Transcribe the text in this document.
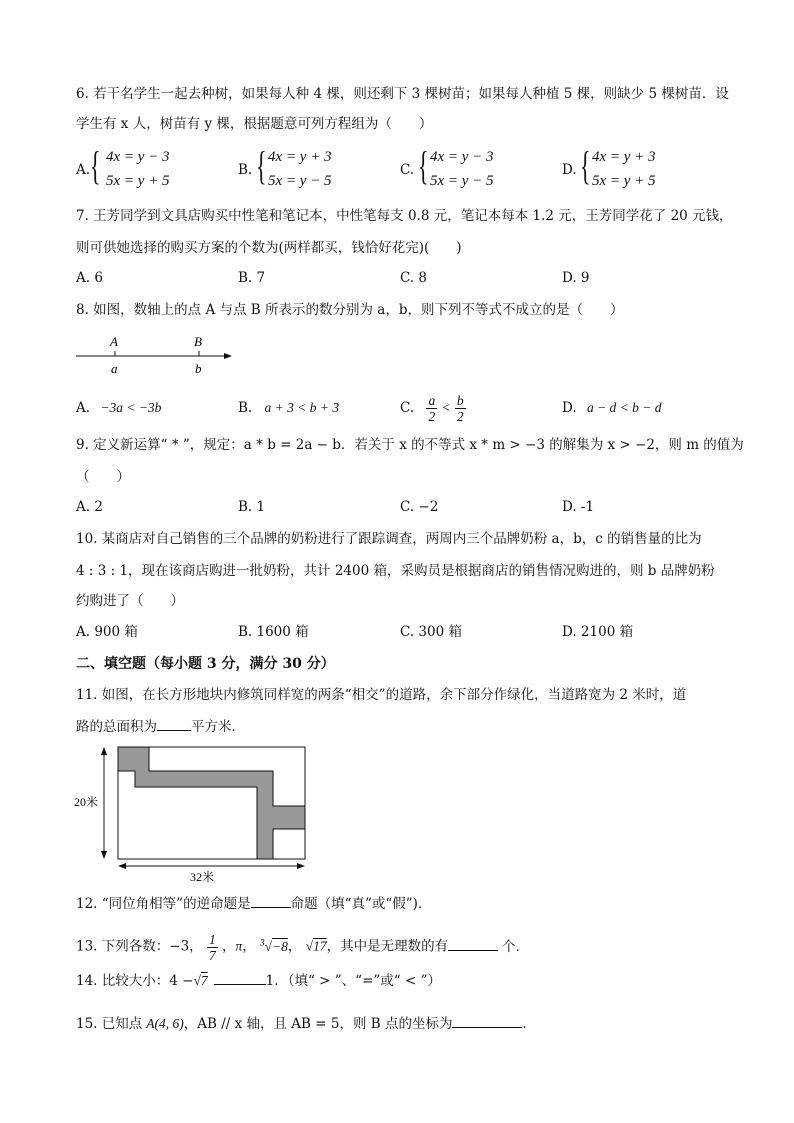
6. 若干名学生一起去种树，如果每人种 4 棵，则还剩下 3 棵树苗；如果每人种植 5 棵，则缺少 5 棵树苗．设
学生有 x 人，树苗有 y 棵，根据题意可列方程组为（　　）
A. { 4x = y − 3
5x = y + 5
B. { 4x = y + 3
5x = y − 5
C. { 4x = y − 3
5x = y − 5
D. { 4x = y + 3
5x = y + 5
7. 王芳同学到文具店购买中性笔和笔记本，中性笔每支 0.8 元，笔记本每本 1.2 元，王芳同学花了 20 元钱，
则可供她选择的购买方案的个数为(两样都买，钱恰好花完)(　　)
A. 6	B. 7	C. 8	D. 9
8. 如图，数轴上的点 A 与点 B 所表示的数分别为 a，b，则下列不等式不成立的是（　　）
A	B
a	b
A. −3a < −3b	B. a + 3 < b + 3	C. $\frac{a}{2} < \frac{b}{2}$	D. a − d < b − d
9. 定义新运算“ * ”，规定：a * b = 2a − b．若关于 x 的不等式 x * m > −3 的解集为 x > −2，则 m 的值为
（　　）
A. 2	B. 1	C. −2	D. -1
10. 某商店对自己销售的三个品牌的奶粉进行了跟踪调查，两周内三个品牌奶粉 a，b，c 的销售量的比为
4 : 3 : 1，现在该商店购进一批奶粉，共计 2400 箱，采购员是根据商店的销售情况购进的，则 b 品牌奶粉
约购进了（　　）
A. 900 箱	B. 1600 箱	C. 300 箱	D. 2100 箱
二、填空题（每小题 3 分，满分 30 分）
11. 如图，在长方形地块内修筑同样宽的两条“相交”的道路，余下部分作绿化，当道路宽为 2 米时，道
路的总面积为	平方米．
20米
32米
12. “同位角相等”的逆命题是	命题（填“真”或“假”)．
13. 下列各数：−3， $\frac{1}{7}$ ，π， $^3$√−8， √17，其中是无理数的有	个．
14. 比较大小：4 −√7	1．（填“ > ”、“=”或“ < ”）
15. 已知点 A(4, 6)，AB // x 轴，且 AB = 5，则 B 点的坐标为	．
